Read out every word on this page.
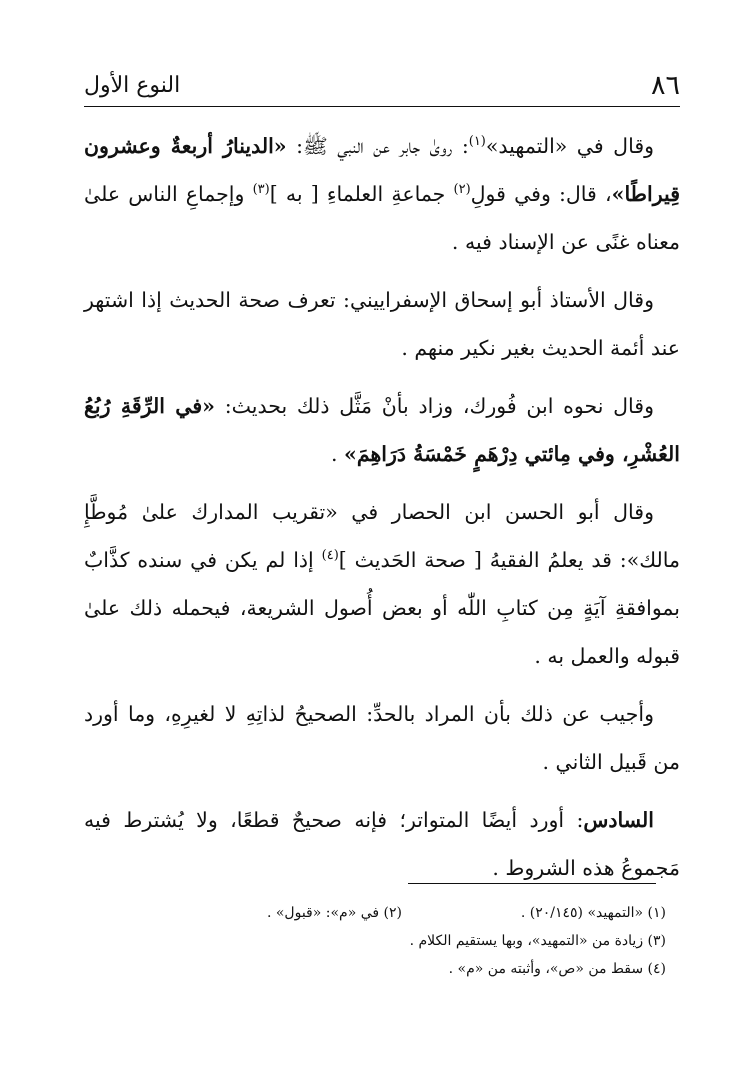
٨٦
النوع الأول

وقال في «التمهيد»$^{(١)}$: روىٰ جابر عن النبي ﷺ: «الدينارُ أربعةٌ وعشرون قِيراطًا»، قال: وفي قولِ$^{(٢)}$ جماعةِ العلماءِ [ به ]$^{(٣)}$ وإجماعِ الناس علىٰ معناه غنًى عن الإسناد فيه .

وقال الأستاذ أبو إسحاق الإسفراييني: تعرف صحة الحديث إذا اشتهر عند أئمة الحديث بغير نكير منهم .

وقال نحوه ابن فُورك، وزاد بأنْ مَثَّل ذلك بحديث: «في الرِّقَةِ رُبُعُ العُشْرِ، وفي مِائتي دِرْهَمٍ خَمْسَةُ دَرَاهِمَ» .

وقال أبو الحسن ابن الحصار في «تقريب المدارك علىٰ مُوطَّإِ مالك»: قد يعلمُ الفقيهُ [ صحة الحَديث ]$^{(٤)}$ إذا لم يكن في سنده كذَّابٌ بموافقةِ آيَةٍ مِن كتابِ اللّٰه أو بعض أُصول الشريعة، فيحمله ذلك علىٰ قبوله والعمل به .

وأجيب عن ذلك بأن المراد بالحدِّ: الصحيحُ لذاتِهِ لا لغيرِهِ، وما أورد من قَبيل الثاني .

السادس: أورد أيضًا المتواتر؛ فإنه صحيحٌ قطعًا، ولا يُشترط فيه مَجموعُ هذه الشروط .

(١) «التمهيد» (٢٠/١٤٥) .
(٢) في «م»: «قبول» .
(٣) زيادة من «التمهيد»، وبها يستقيم الكلام .
(٤) سقط من «ص»، وأثبته من «م» .
